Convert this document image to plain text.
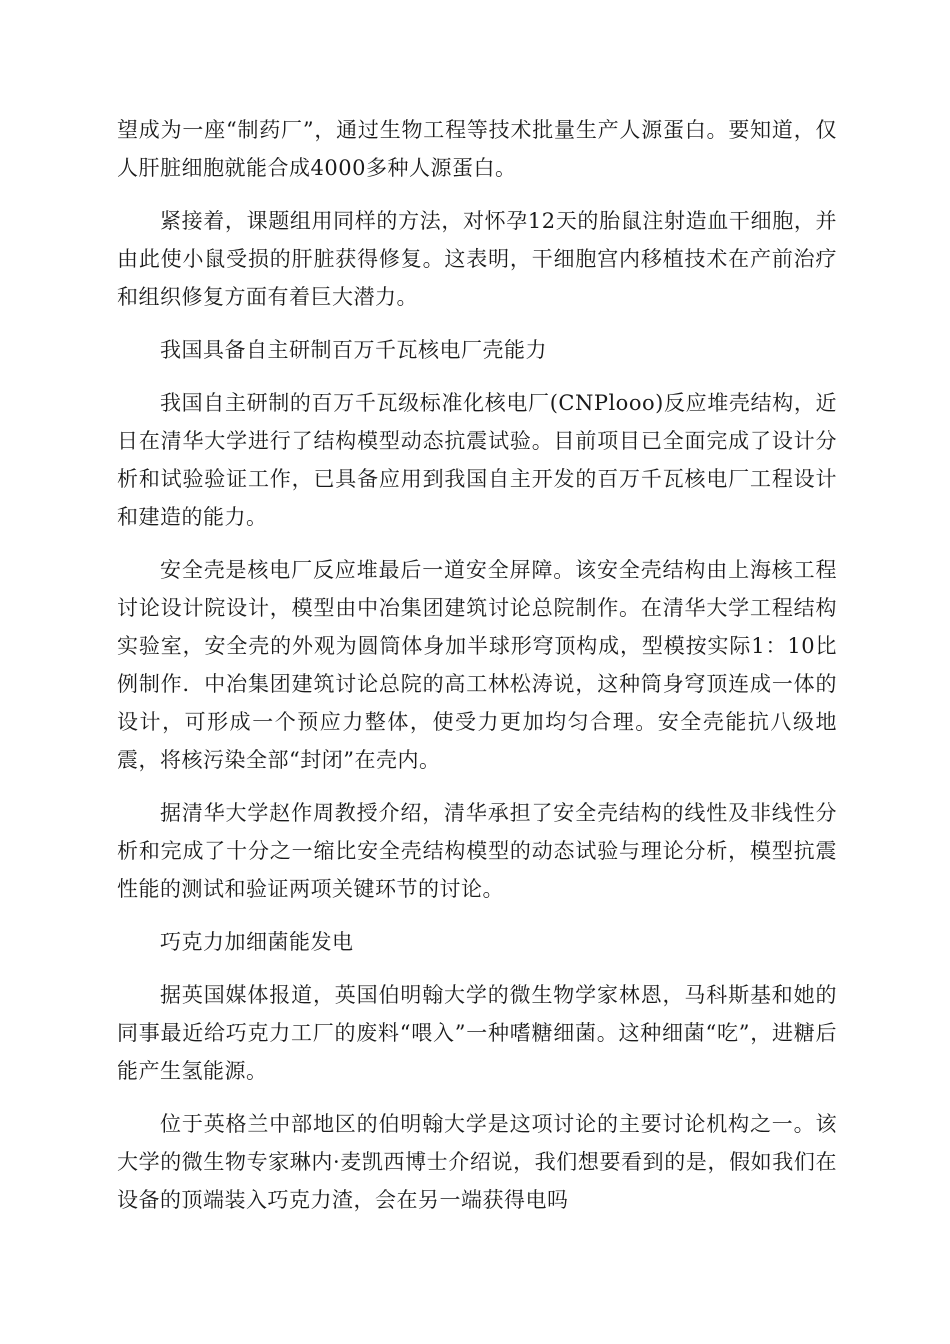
望成为一座“制药厂”，通过生物工程等技术批量生产人源蛋白。要知道，仅人肝脏细胞就能合成4000多种人源蛋白。

紧接着，课题组用同样的方法，对怀孕12天的胎鼠注射造血干细胞，并由此使小鼠受损的肝脏获得修复。这表明，干细胞宫内移植技术在产前治疗和组织修复方面有着巨大潜力。

我国具备自主研制百万千瓦核电厂壳能力

我国自主研制的百万千瓦级标准化核电厂(CNPlooo)反应堆壳结构，近日在清华大学进行了结构模型动态抗震试验。目前项目已全面完成了设计分析和试验验证工作，已具备应用到我国自主开发的百万千瓦核电厂工程设计和建造的能力。

安全壳是核电厂反应堆最后一道安全屏障。该安全壳结构由上海核工程讨论设计院设计，模型由中冶集团建筑讨论总院制作。在清华大学工程结构实验室，安全壳的外观为圆筒体身加半球形穹顶构成，型模按实际1：10比例制作．中冶集团建筑讨论总院的高工林松涛说，这种筒身穹顶连成一体的设计，可形成一个预应力整体，使受力更加均匀合理。安全壳能抗八级地震，将核污染全部“封闭”在壳内。

据清华大学赵作周教授介绍，清华承担了安全壳结构的线性及非线性分析和完成了十分之一缩比安全壳结构模型的动态试验与理论分析，模型抗震性能的测试和验证两项关键环节的讨论。

巧克力加细菌能发电

据英国媒体报道，英国伯明翰大学的微生物学家林恩，马科斯基和她的同事最近给巧克力工厂的废料“喂入”一种嗜糖细菌。这种细菌“吃”，进糖后能产生氢能源。

位于英格兰中部地区的伯明翰大学是这项讨论的主要讨论机构之一。该大学的微生物专家琳内·麦凯西博士介绍说，我们想要看到的是，假如我们在设备的顶端装入巧克力渣，会在另一端获得电吗
